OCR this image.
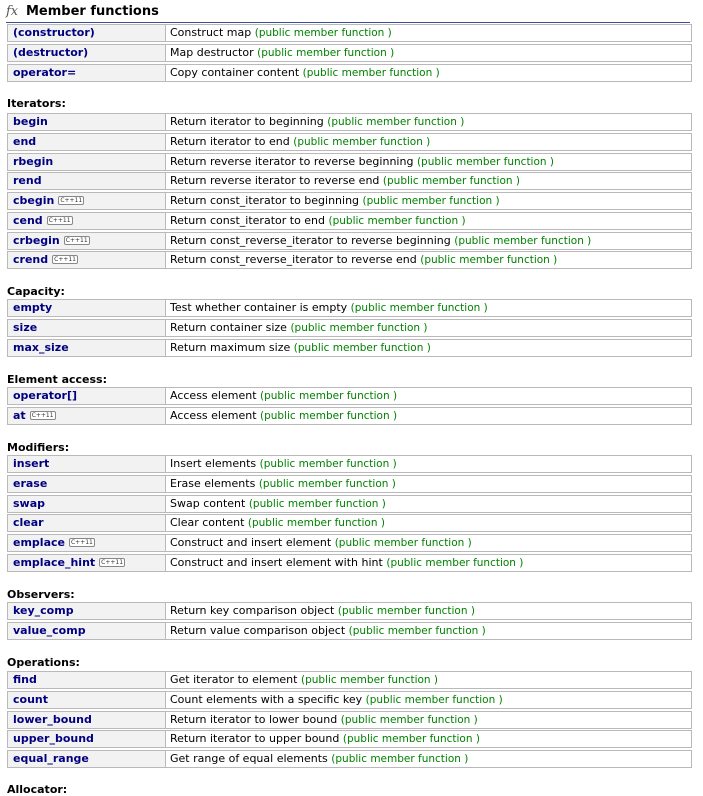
fx Member functions
(constructor)	Construct map (public member function )
(destructor)	Map destructor (public member function )
operator=	Copy container content (public member function )
Iterators:
begin	Return iterator to beginning (public member function )
end	Return iterator to end (public member function )
rbegin	Return reverse iterator to reverse beginning (public member function )
rend	Return reverse iterator to reverse end (public member function )
cbegin C++11	Return const_iterator to beginning (public member function )
cend C++11	Return const_iterator to end (public member function )
crbegin C++11	Return const_reverse_iterator to reverse beginning (public member function )
crend C++11	Return const_reverse_iterator to reverse end (public member function )
Capacity:
empty	Test whether container is empty (public member function )
size	Return container size (public member function )
max_size	Return maximum size (public member function )
Element access:
operator[]	Access element (public member function )
at C++11	Access element (public member function )
Modifiers:
insert	Insert elements (public member function )
erase	Erase elements (public member function )
swap	Swap content (public member function )
clear	Clear content (public member function )
emplace C++11	Construct and insert element (public member function )
emplace_hint C++11	Construct and insert element with hint (public member function )
Observers:
key_comp	Return key comparison object (public member function )
value_comp	Return value comparison object (public member function )
Operations:
find	Get iterator to element (public member function )
count	Count elements with a specific key (public member function )
lower_bound	Return iterator to lower bound (public member function )
upper_bound	Return iterator to upper bound (public member function )
equal_range	Get range of equal elements (public member function )
Allocator:
